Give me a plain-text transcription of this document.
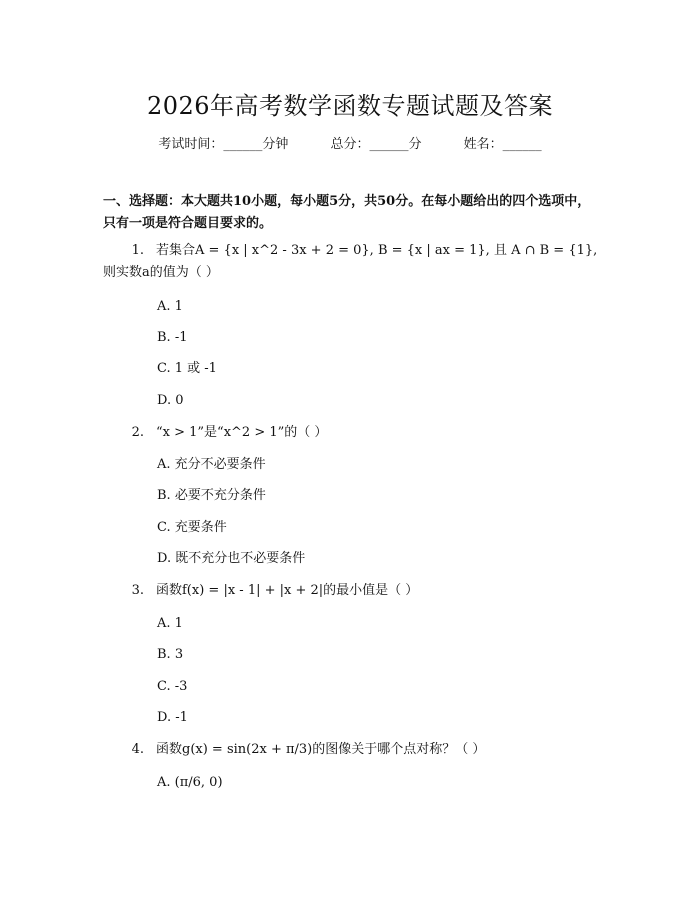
2026年高考数学函数专题试题及答案
考试时间：______分钟	总分：______分	姓名：______
一、选择题：本大题共10小题，每小题5分，共50分。在每小题给出的四个选项中，只有一项是符合题目要求的。
1. 若集合A = {x | x^2 - 3x + 2 = 0}, B = {x | ax = 1}, 且 A ∩ B = {1}, 则实数a的值为（ ）
A. 1
B. -1
C. 1 或 -1
D. 0
2. “x > 1”是“x^2 > 1”的（ ）
A. 充分不必要条件
B. 必要不充分条件
C. 充要条件
D. 既不充分也不必要条件
3. 函数f(x) = |x - 1| + |x + 2|的最小值是（ ）
A. 1
B. 3
C. -3
D. -1
4. 函数g(x) = sin(2x + π/3)的图像关于哪个点对称？（ ）
A. (π/6, 0)
